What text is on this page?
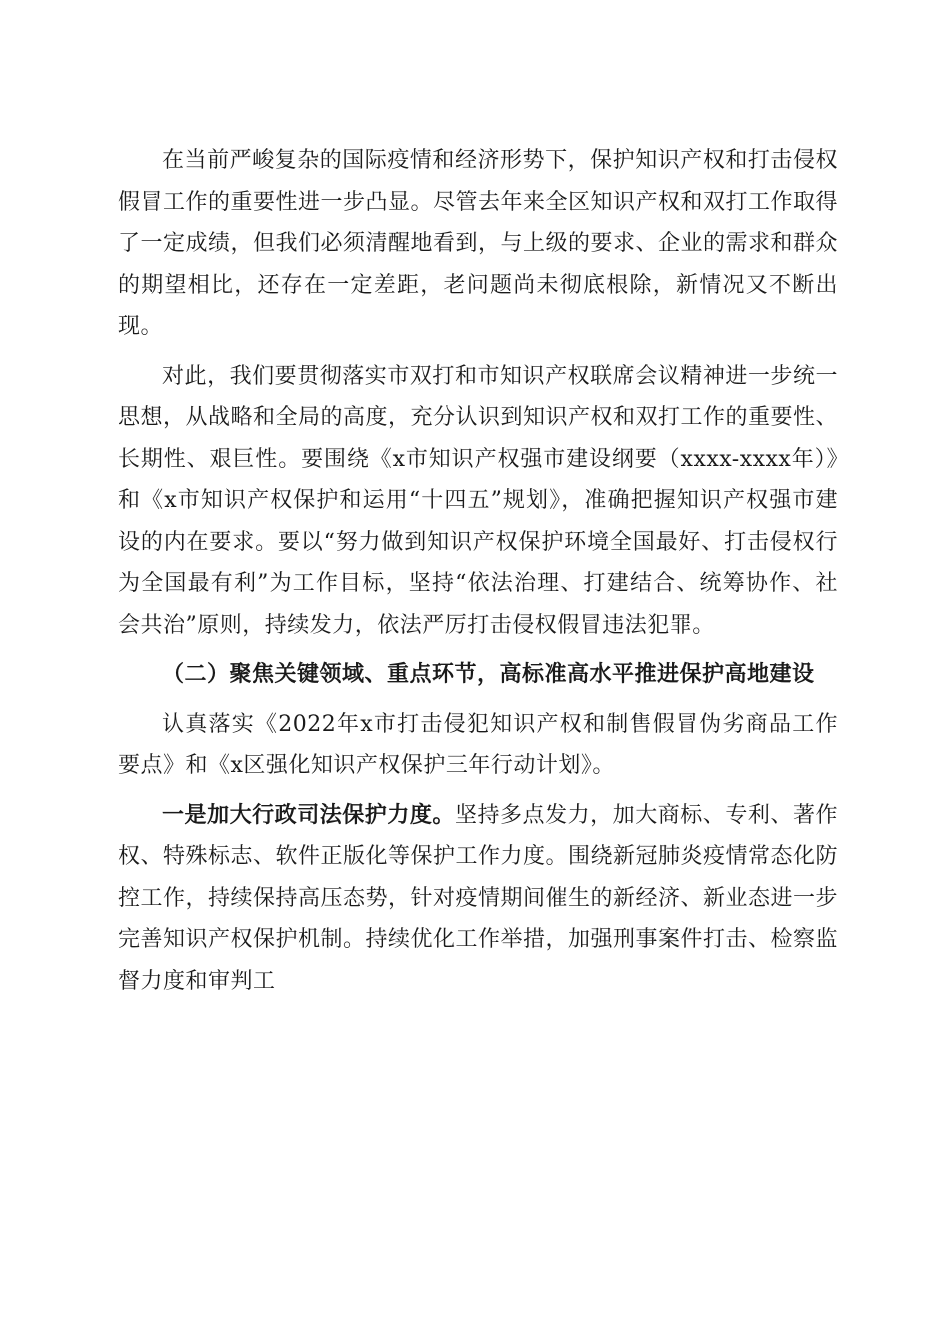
在当前严峻复杂的国际疫情和经济形势下，保护知识产权和打击侵权假冒工作的重要性进一步凸显。尽管去年来全区知识产权和双打工作取得了一定成绩，但我们必须清醒地看到，与上级的要求、企业的需求和群众的期望相比，还存在一定差距，老问题尚未彻底根除，新情况又不断出现。

对此，我们要贯彻落实市双打和市知识产权联席会议精神进一步统一思想，从战略和全局的高度，充分认识到知识产权和双打工作的重要性、长期性、艰巨性。要围绕《x市知识产权强市建设纲要（xxxx-xxxx年）》和《x市知识产权保护和运用“十四五”规划》，准确把握知识产权强市建设的内在要求。要以“努力做到知识产权保护环境全国最好、打击侵权行为全国最有利”为工作目标，坚持“依法治理、打建结合、统筹协作、社会共治”原则，持续发力，依法严厉打击侵权假冒违法犯罪。

（二）聚焦关键领域、重点环节，高标准高水平推进保护高地建设

认真落实《2022年x市打击侵犯知识产权和制售假冒伪劣商品工作要点》和《x区强化知识产权保护三年行动计划》。

一是加大行政司法保护力度。坚持多点发力，加大商标、专利、著作权、特殊标志、软件正版化等保护工作力度。围绕新冠肺炎疫情常态化防控工作，持续保持高压态势，针对疫情期间催生的新经济、新业态进一步完善知识产权保护机制。持续优化工作举措，加强刑事案件打击、检察监督力度和审判工
